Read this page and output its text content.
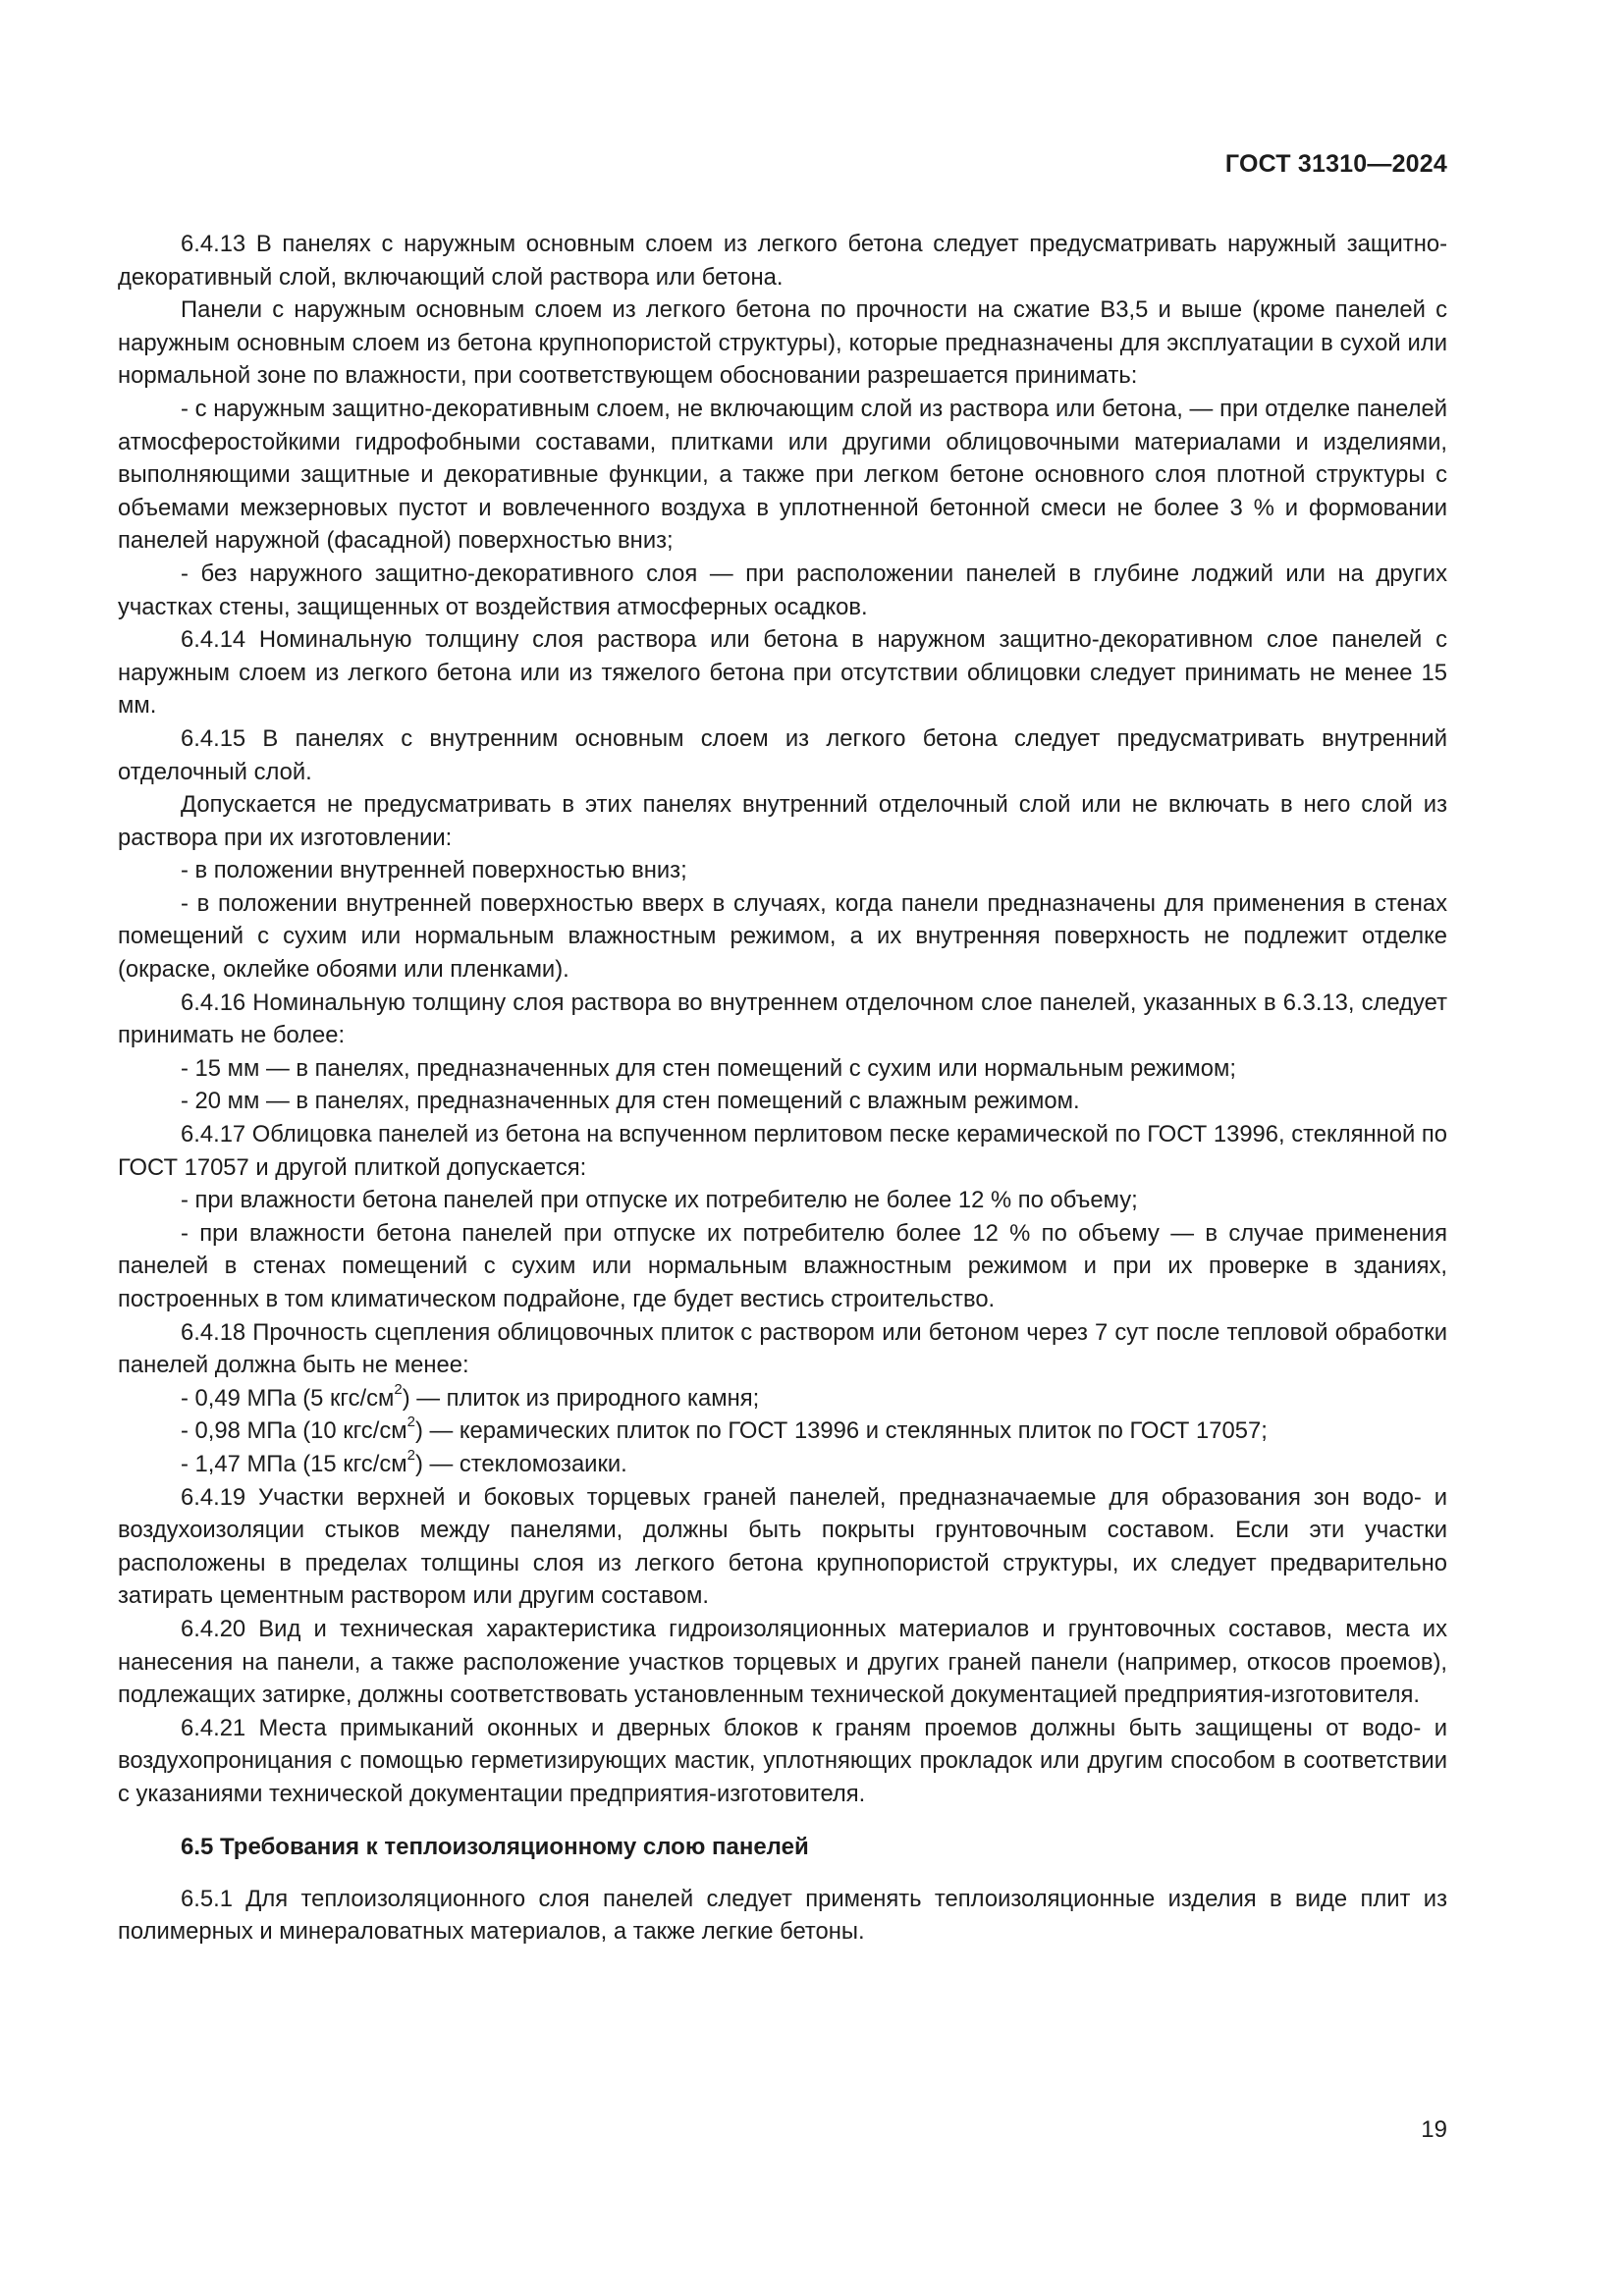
ГОСТ 31310—2024

6.4.13 В панелях с наружным основным слоем из легкого бетона следует предусматривать наружный защитно-декоративный слой, включающий слой раствора или бетона.

Панели с наружным основным слоем из легкого бетона по прочности на сжатие В3,5 и выше (кроме панелей с наружным основным слоем из бетона крупнопористой структуры), которые предназначены для эксплуатации в сухой или нормальной зоне по влажности, при соответствующем обосновании разрешается принимать:

- с наружным защитно-декоративным слоем, не включающим слой из раствора или бетона, — при отделке панелей атмосферостойкими гидрофобными составами, плитками или другими облицовочными материалами и изделиями, выполняющими защитные и декоративные функции, а также при легком бетоне основного слоя плотной структуры с объемами межзерновых пустот и вовлеченного воздуха в уплотненной бетонной смеси не более 3 % и формовании панелей наружной (фасадной) поверхностью вниз;

- без наружного защитно-декоративного слоя — при расположении панелей в глубине лоджий или на других участках стены, защищенных от воздействия атмосферных осадков.

6.4.14 Номинальную толщину слоя раствора или бетона в наружном защитно-декоративном слое панелей с наружным слоем из легкого бетона или из тяжелого бетона при отсутствии облицовки следует принимать не менее 15 мм.

6.4.15 В панелях с внутренним основным слоем из легкого бетона следует предусматривать внутренний отделочный слой.

Допускается не предусматривать в этих панелях внутренний отделочный слой или не включать в него слой из раствора при их изготовлении:

- в положении внутренней поверхностью вниз;

- в положении внутренней поверхностью вверх в случаях, когда панели предназначены для применения в стенах помещений с сухим или нормальным влажностным режимом, а их внутренняя поверхность не подлежит отделке (окраске, оклейке обоями или пленками).

6.4.16 Номинальную толщину слоя раствора во внутреннем отделочном слое панелей, указанных в 6.3.13, следует принимать не более:

- 15 мм — в панелях, предназначенных для стен помещений с сухим или нормальным режимом;

- 20 мм — в панелях, предназначенных для стен помещений с влажным режимом.

6.4.17 Облицовка панелей из бетона на вспученном перлитовом песке керамической по ГОСТ 13996, стеклянной по ГОСТ 17057 и другой плиткой допускается:

- при влажности бетона панелей при отпуске их потребителю не более 12 % по объему;

- при влажности бетона панелей при отпуске их потребителю более 12 % по объему — в случае применения панелей в стенах помещений с сухим или нормальным влажностным режимом и при их проверке в зданиях, построенных в том климатическом подрайоне, где будет вестись строительство.

6.4.18 Прочность сцепления облицовочных плиток с раствором или бетоном через 7 сут после тепловой обработки панелей должна быть не менее:

- 0,49 МПа (5 кгс/$см^2$) — плиток из природного камня;

- 0,98 МПа (10 кгс/$см^2$) — керамических плиток по ГОСТ 13996 и стеклянных плиток по ГОСТ 17057;

- 1,47 МПа (15 кгс/$см^2$) — стекломозаики.

6.4.19 Участки верхней и боковых торцевых граней панелей, предназначаемые для образования зон водо- и воздухоизоляции стыков между панелями, должны быть покрыты грунтовочным составом. Если эти участки расположены в пределах толщины слоя из легкого бетона крупнопористой структуры, их следует предварительно затирать цементным раствором или другим составом.

6.4.20 Вид и техническая характеристика гидроизоляционных материалов и грунтовочных составов, места их нанесения на панели, а также расположение участков торцевых и других граней панели (например, откосов проемов), подлежащих затирке, должны соответствовать установленным технической документацией предприятия-изготовителя.

6.4.21 Места примыканий оконных и дверных блоков к граням проемов должны быть защищены от водо- и воздухопроницания с помощью герметизирующих мастик, уплотняющих прокладок или другим способом в соответствии с указаниями технической документации предприятия-изготовителя.

6.5 Требования к теплоизоляционному слою панелей

6.5.1 Для теплоизоляционного слоя панелей следует применять теплоизоляционные изделия в виде плит из полимерных и минераловатных материалов, а также легкие бетоны.

19
